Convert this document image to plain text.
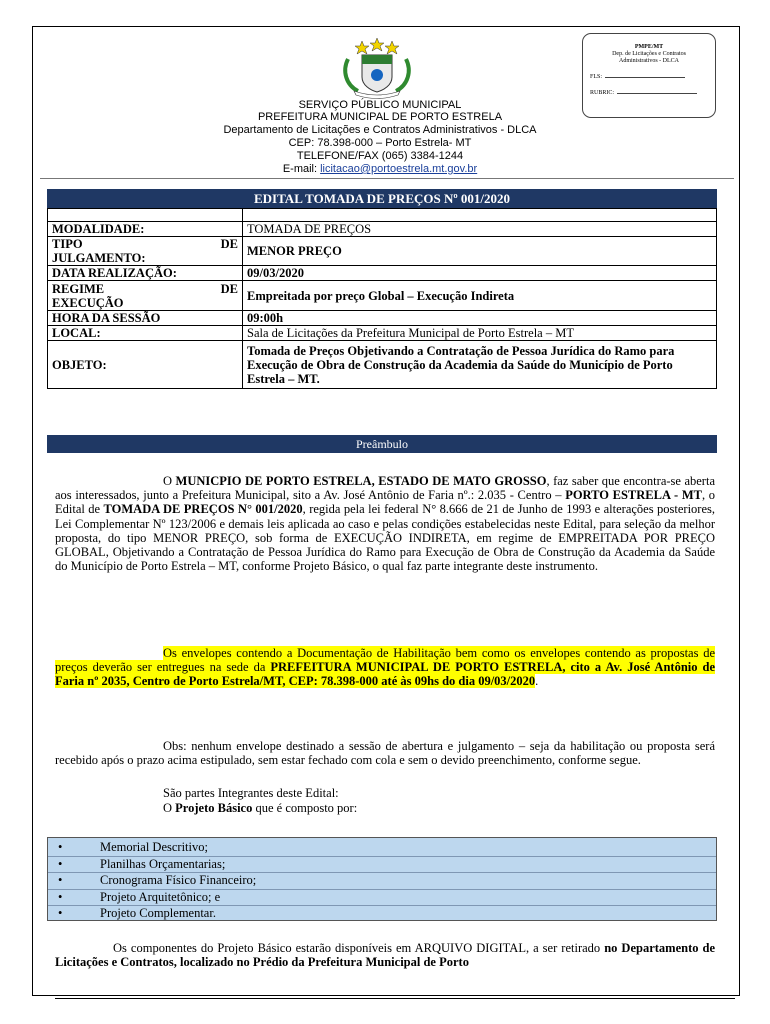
PMPE/MT
Dep. de Licitações e Contratos Administrativos - DLCA
FLS:
RUBRIC:
SERVIÇO PÚBLICO MUNICIPAL
PREFEITURA MUNICIPAL DE PORTO ESTRELA
Departamento de Licitações e Contratos Administrativos - DLCA
CEP: 78.398-000 – Porto Estrela- MT
TELEFONE/FAX (065) 3384-1244
E-mail: licitacao@portoestrela.mt.gov.br
EDITAL TOMADA DE PREÇOS Nº 001/2020

MODALIDADE:	TOMADA DE PREÇOS

TIPO DE
JULGAMENTO:	MENOR PREÇO
DATA REALIZAÇÃO:	09/03/2020

REGIME DE
EXECUÇÃO	Empreitada por preço Global – Execução Indireta
HORA DA SESSÃO	09:00h
LOCAL:	Sala de Licitações da Prefeitura Municipal de Porto Estrela – MT
OBJETO:	Tomada de Preços Objetivando a Contratação de Pessoa Jurídica do Ramo para Execução de Obra de Construção da Academia da Saúde do Município de Porto Estrela – MT.
Preâmbulo
O MUNICPIO DE PORTO ESTRELA, ESTADO DE MATO GROSSO, faz saber que encontra-se aberta aos interessados, junto a Prefeitura Municipal, sito a Av. José Antônio de Faria nº.: 2.035 - Centro – PORTO ESTRELA - MT, o Edital de TOMADA DE PREÇOS N° 001/2020, regida pela lei federal N° 8.666 de 21 de Junho de 1993 e alterações posteriores, Lei Complementar Nº 123/2006 e demais leis aplicada ao caso e pelas condições estabelecidas neste Edital, para seleção da melhor proposta, do tipo MENOR PREÇO, sob forma de EXECUÇÃO INDIRETA, em regime de EMPREITADA POR PREÇO GLOBAL, Objetivando a Contratação de Pessoa Jurídica do Ramo para Execução de Obra de Construção da Academia da Saúde do Município de Porto Estrela – MT, conforme Projeto Básico, o qual faz parte integrante deste instrumento.
Os envelopes contendo a Documentação de Habilitação bem como os envelopes contendo as propostas de preços deverão ser entregues na sede da PREFEITURA MUNICIPAL DE PORTO ESTRELA, cito a Av. José Antônio de Faria nº 2035, Centro de Porto Estrela/MT, CEP: 78.398-000 até às 09hs do dia 09/03/2020.
Obs: nenhum envelope destinado a sessão de abertura e julgamento – seja da habilitação ou proposta será recebido após o prazo acima estipulado, sem estar fechado com cola e sem o devido preenchimento, conforme segue.
São partes Integrantes deste Edital:
O Projeto Básico que é composto por:
•	Memorial Descritivo;
•	Planilhas Orçamentarias;
•	Cronograma Físico Financeiro;
•	Projeto Arquitetônico; e
•	Projeto Complementar.
Os componentes do Projeto Básico estarão disponíveis em ARQUIVO DIGITAL, a ser retirado no Departamento de Licitações e Contratos, localizado no Prédio da Prefeitura Municipal de Porto
